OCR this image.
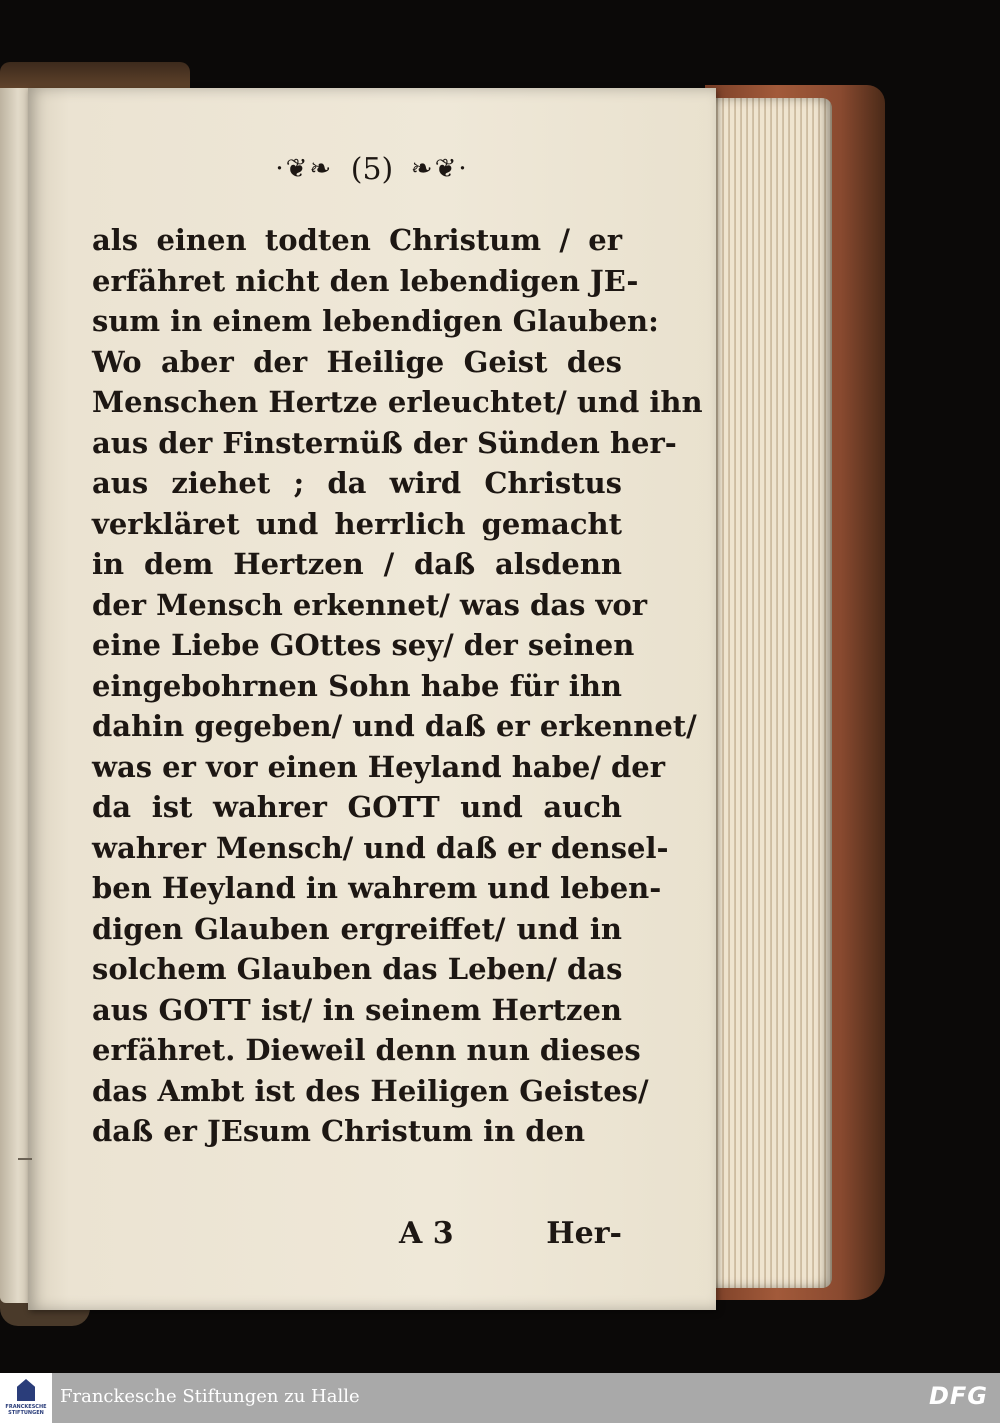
·❦❧ (5) ❧❦·
als einen todten Christum / er
erfähret nicht den lebendigen JE-
sum in einem lebendigen Glauben:
Wo aber der Heilige Geist des
Menschen Hertze erleuchtet/ und ihn
aus der Finsternüß der Sünden her-
aus ziehet ; da wird Christus
verkläret und herrlich gemacht
in dem Hertzen / daß alsdenn
der Mensch erkennet/ was das vor
eine Liebe GOttes sey/ der seinen
eingebohrnen Sohn habe für ihn
dahin gegeben/ und daß er erkennet/
was er vor einen Heyland habe/ der
da ist wahrer GOTT und auch
wahrer Mensch/ und daß er densel-
ben Heyland in wahrem und leben-
digen Glauben ergreiffet/ und in
solchem Glauben das Leben/ das
aus GOTT ist/ in seinem Hertzen
erfähret. Dieweil denn nun dieses
das Ambt ist des Heiligen Geistes/
daß er JEsum Christum in den
A 3	Her-
FRANCKESCHE STIFTUNGEN
Franckesche Stiftungen zu Halle	DFG
